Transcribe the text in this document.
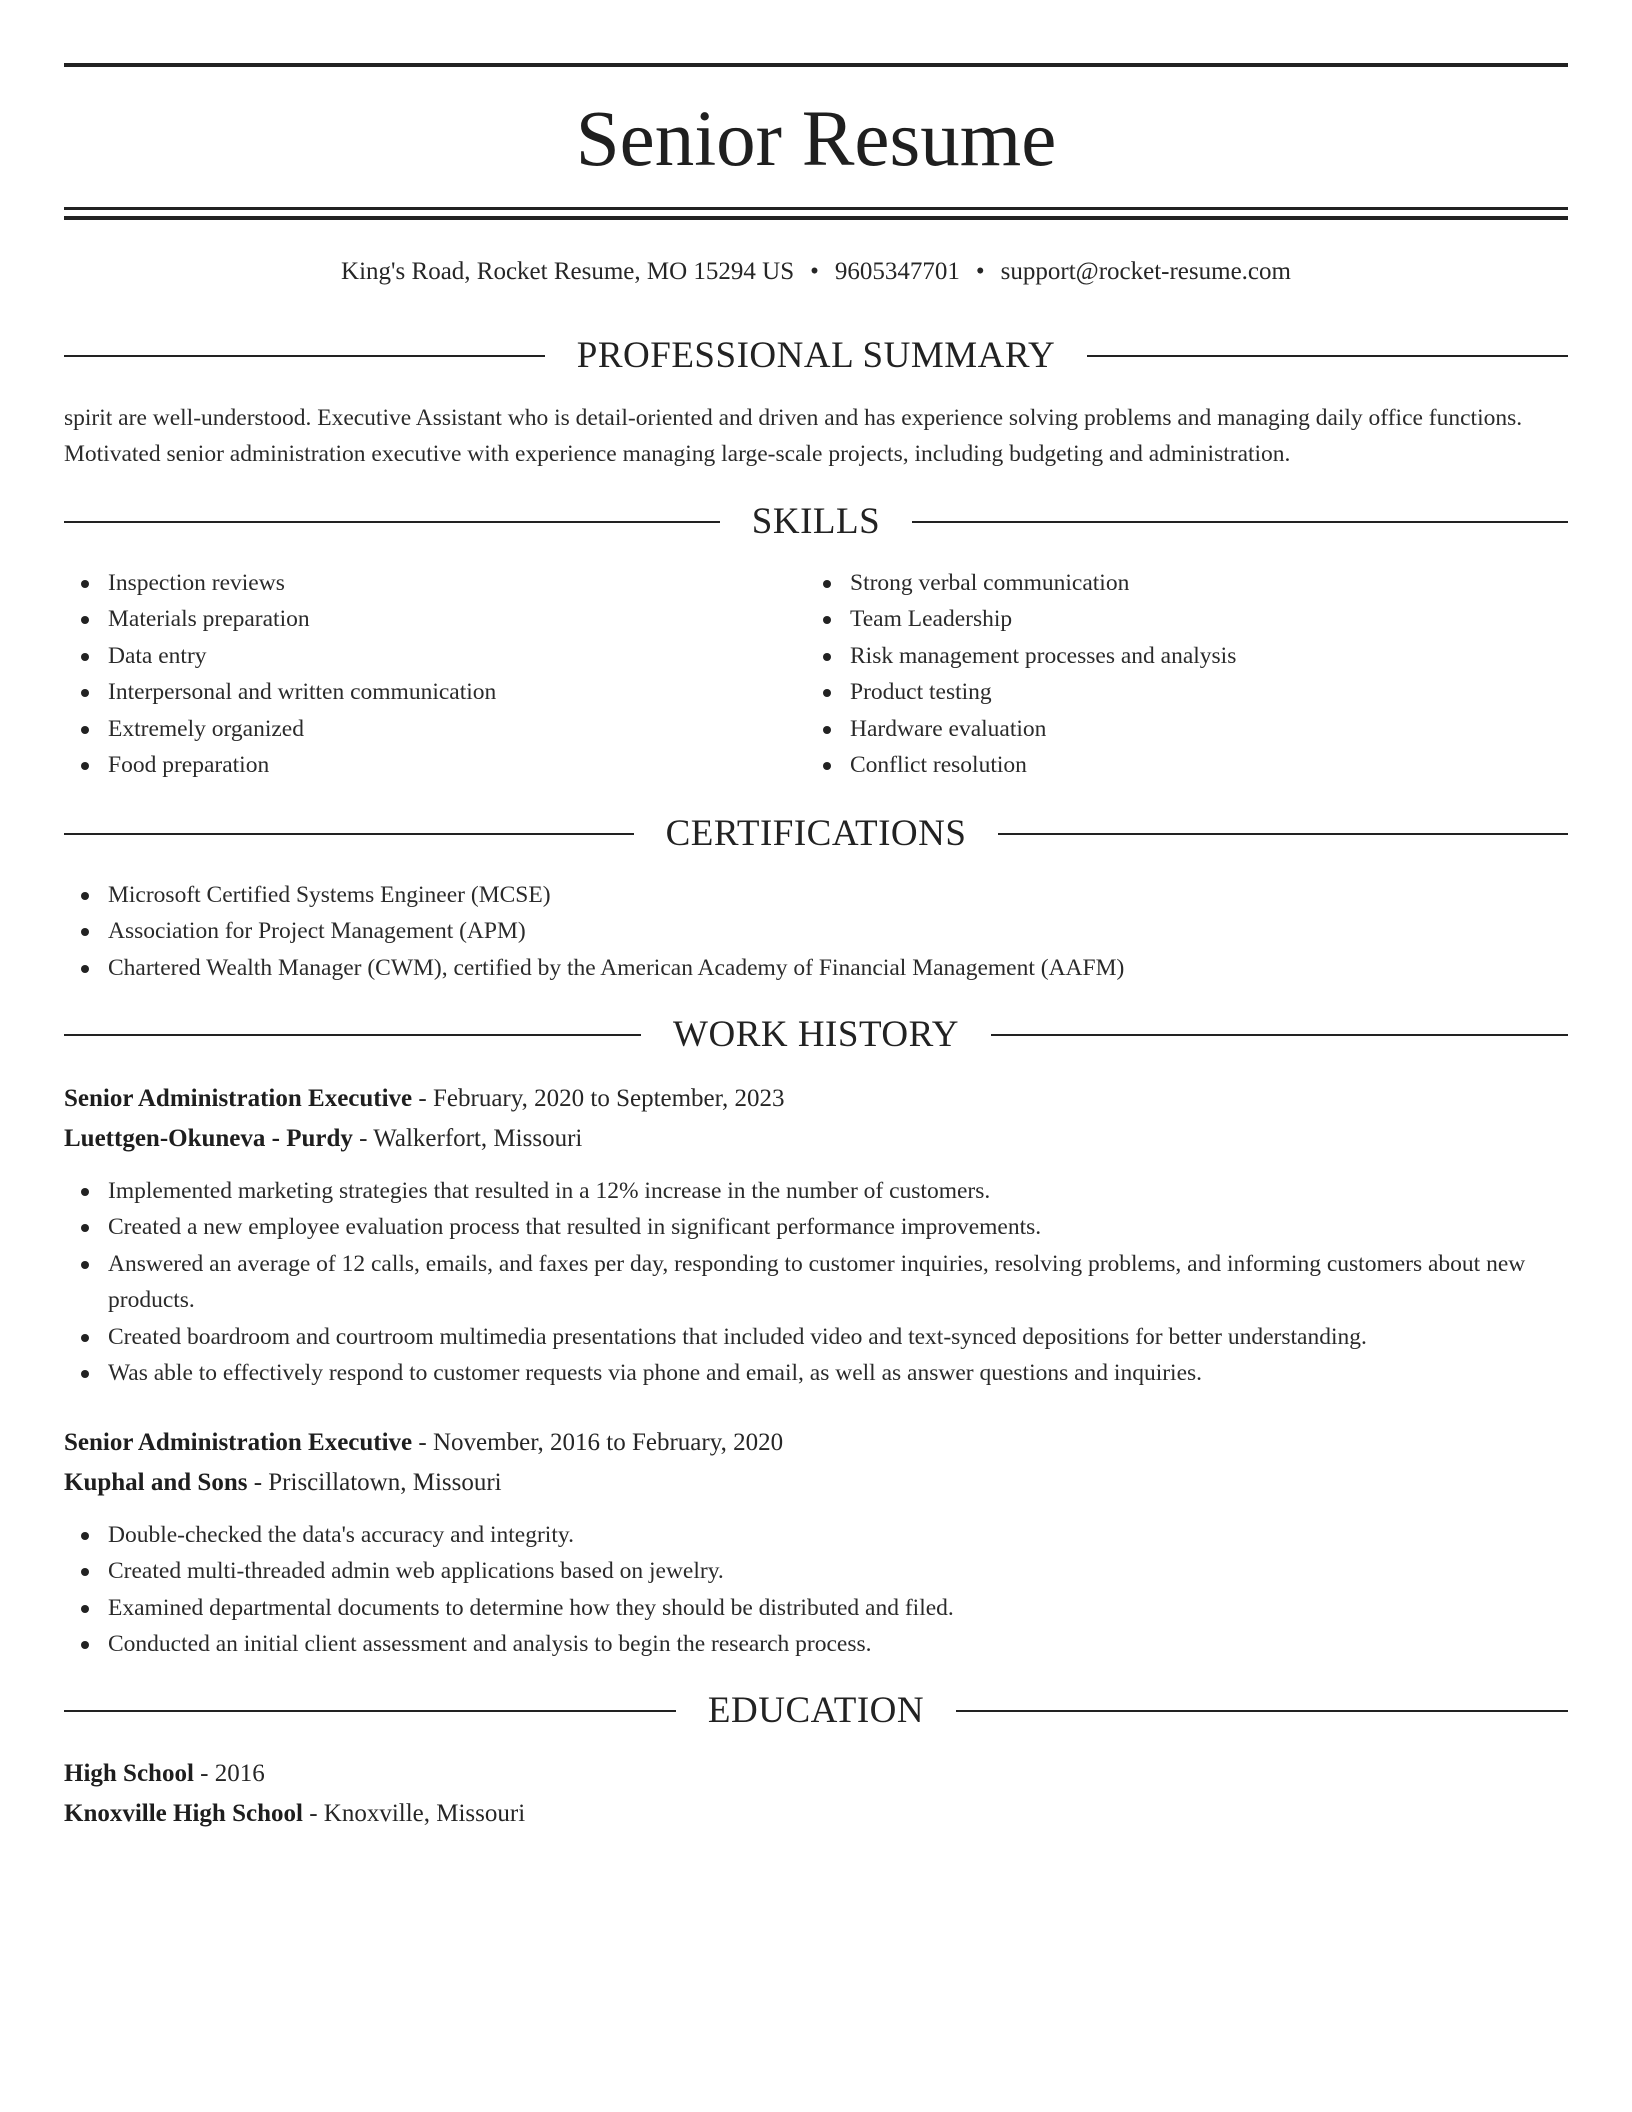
Senior Resume
King's Road, Rocket Resume, MO 15294 US • 9605347701 • support@rocket-resume.com
PROFESSIONAL SUMMARY

spirit are well-understood. Executive Assistant who is detail-oriented and driven and has experience solving problems and managing daily office functions. Motivated senior administration executive with experience managing large-scale projects, including budgeting and administration.

SKILLS
Inspection reviews
Materials preparation
Data entry
Interpersonal and written communication
Extremely organized
Food preparation
Strong verbal communication
Team Leadership
Risk management processes and analysis
Product testing
Hardware evaluation
Conflict resolution
CERTIFICATIONS
Microsoft Certified Systems Engineer (MCSE)
Association for Project Management (APM)
Chartered Wealth Manager (CWM), certified by the American Academy of Financial Management (AAFM)
WORK HISTORY
Senior Administration Executive - February, 2020 to September, 2023
Luettgen-Okuneva - Purdy - Walkerfort, Missouri
Implemented marketing strategies that resulted in a 12% increase in the number of customers.
Created a new employee evaluation process that resulted in significant performance improvements.
Answered an average of 12 calls, emails, and faxes per day, responding to customer inquiries, resolving problems, and informing customers about new products.
Created boardroom and courtroom multimedia presentations that included video and text-synced depositions for better understanding.
Was able to effectively respond to customer requests via phone and email, as well as answer questions and inquiries.
Senior Administration Executive - November, 2016 to February, 2020
Kuphal and Sons - Priscillatown, Missouri
Double-checked the data's accuracy and integrity.
Created multi-threaded admin web applications based on jewelry.
Examined departmental documents to determine how they should be distributed and filed.
Conducted an initial client assessment and analysis to begin the research process.
EDUCATION
High School - 2016
Knoxville High School - Knoxville, Missouri
